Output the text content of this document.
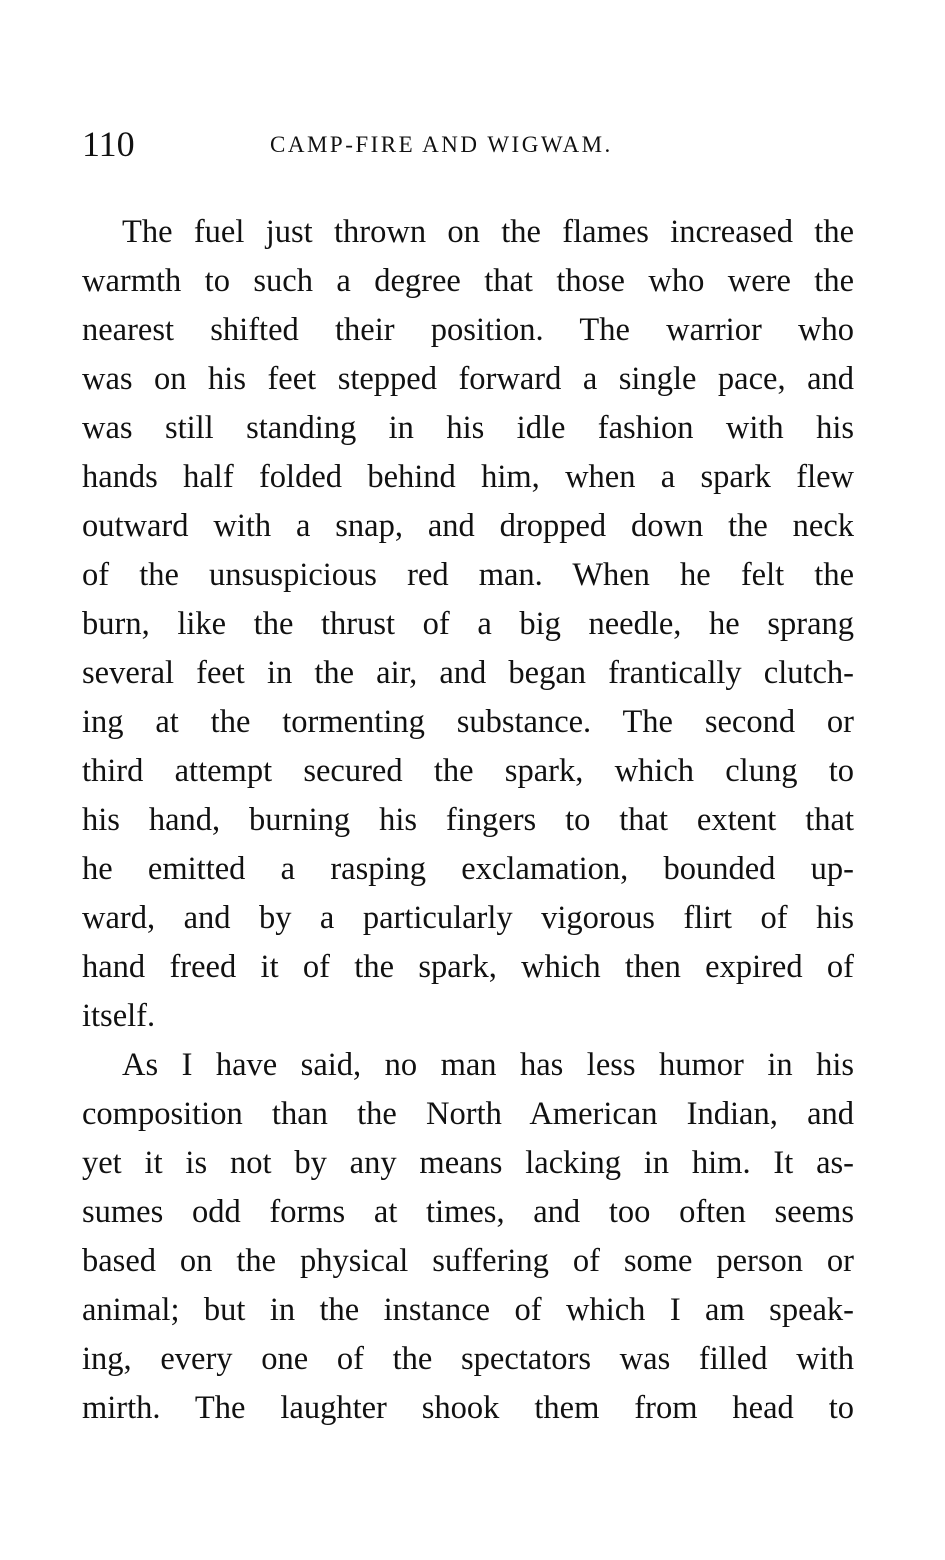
110	CAMP-FIRE AND WIGWAM.
The fuel just thrown on the flames increased the
warmth to such a degree that those who were the
nearest shifted their position. The warrior who
was on his feet stepped forward a single pace, and
was still standing in his idle fashion with his
hands half folded behind him, when a spark flew
outward with a snap, and dropped down the neck
of the unsuspicious red man. When he felt the
burn, like the thrust of a big needle, he sprang
several feet in the air, and began frantically clutch-
ing at the tormenting substance. The second or
third attempt secured the spark, which clung to
his hand, burning his fingers to that extent that
he emitted a rasping exclamation, bounded up-
ward, and by a particularly vigorous flirt of his
hand freed it of the spark, which then expired of
itself.
As I have said, no man has less humor in his
composition than the North American Indian, and
yet it is not by any means lacking in him. It as-
sumes odd forms at times, and too often seems
based on the physical suffering of some person or
animal; but in the instance of which I am speak-
ing, every one of the spectators was filled with
mirth. The laughter shook them from head to
